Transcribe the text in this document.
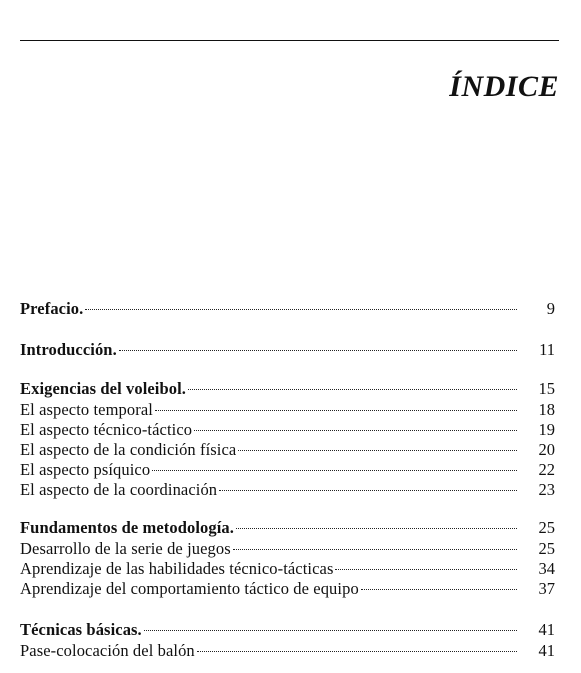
ÍNDICE
Prefacio.	9
Introducción.	11
Exigencias del voleibol.	15
El aspecto temporal	18
El aspecto técnico-táctico	19
El aspecto de la condición física	20
El aspecto psíquico	22
El aspecto de la coordinación	23
Fundamentos de metodología.	25
Desarrollo de la serie de juegos	25
Aprendizaje de las habilidades técnico-tácticas	34
Aprendizaje del comportamiento táctico de equipo	37
Técnicas básicas.	41
Pase-colocación del balón	41
